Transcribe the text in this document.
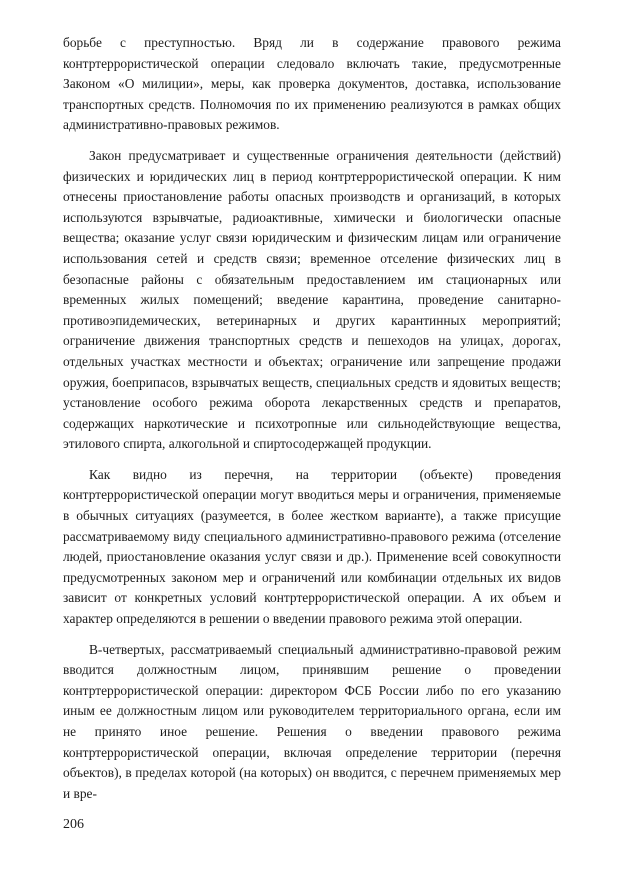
борьбе с преступностью. Вряд ли в содержание правового режима контртеррористической операции следовало включать такие, предусмотренные Законом «О милиции», меры, как проверка документов, доставка, использование транспортных средств. Полномочия по их применению реализуются в рамках общих административно-правовых режимов.

Закон предусматривает и существенные ограничения деятельности (действий) физических и юридических лиц в период контртеррористической операции. К ним отнесены приостановление работы опасных производств и организаций, в которых используются взрывчатые, радиоактивные, химически и биологически опасные вещества; оказание услуг связи юридическим и физическим лицам или ограничение использования сетей и средств связи; временное отселение физических лиц в безопасные районы с обязательным предоставлением им стационарных или временных жилых помещений; введение карантина, проведение санитарно-противоэпидемических, ветеринарных и других карантинных мероприятий; ограничение движения транспортных средств и пешеходов на улицах, дорогах, отдельных участках местности и объектах; ограничение или запрещение продажи оружия, боеприпасов, взрывчатых веществ, специальных средств и ядовитых веществ; установление особого режима оборота лекарственных средств и препаратов, содержащих наркотические и психотропные или сильнодействующие вещества, этилового спирта, алкогольной и спиртосодержащей продукции.

Как видно из перечня, на территории (объекте) проведения контртеррористической операции могут вводиться меры и ограничения, применяемые в обычных ситуациях (разумеется, в более жестком варианте), а также присущие рассматриваемому виду специального административно-правового режима (отселение людей, приостановление оказания услуг связи и др.). Применение всей совокупности предусмотренных законом мер и ограничений или комбинации отдельных их видов зависит от конкретных условий контртеррористической операции. А их объем и характер определяются в решении о введении правового режима этой операции.

В-четвертых, рассматриваемый специальный административно-правовой режим вводится должностным лицом, принявшим решение о проведении контртеррористической операции: директором ФСБ России либо по его указанию иным ее должностным лицом или руководителем территориального органа, если им не принято иное решение. Решения о введении правового режима контртеррористической операции, включая определение территории (перечня объектов), в пределах которой (на которых) он вводится, с перечнем применяемых мер и вре-

206
